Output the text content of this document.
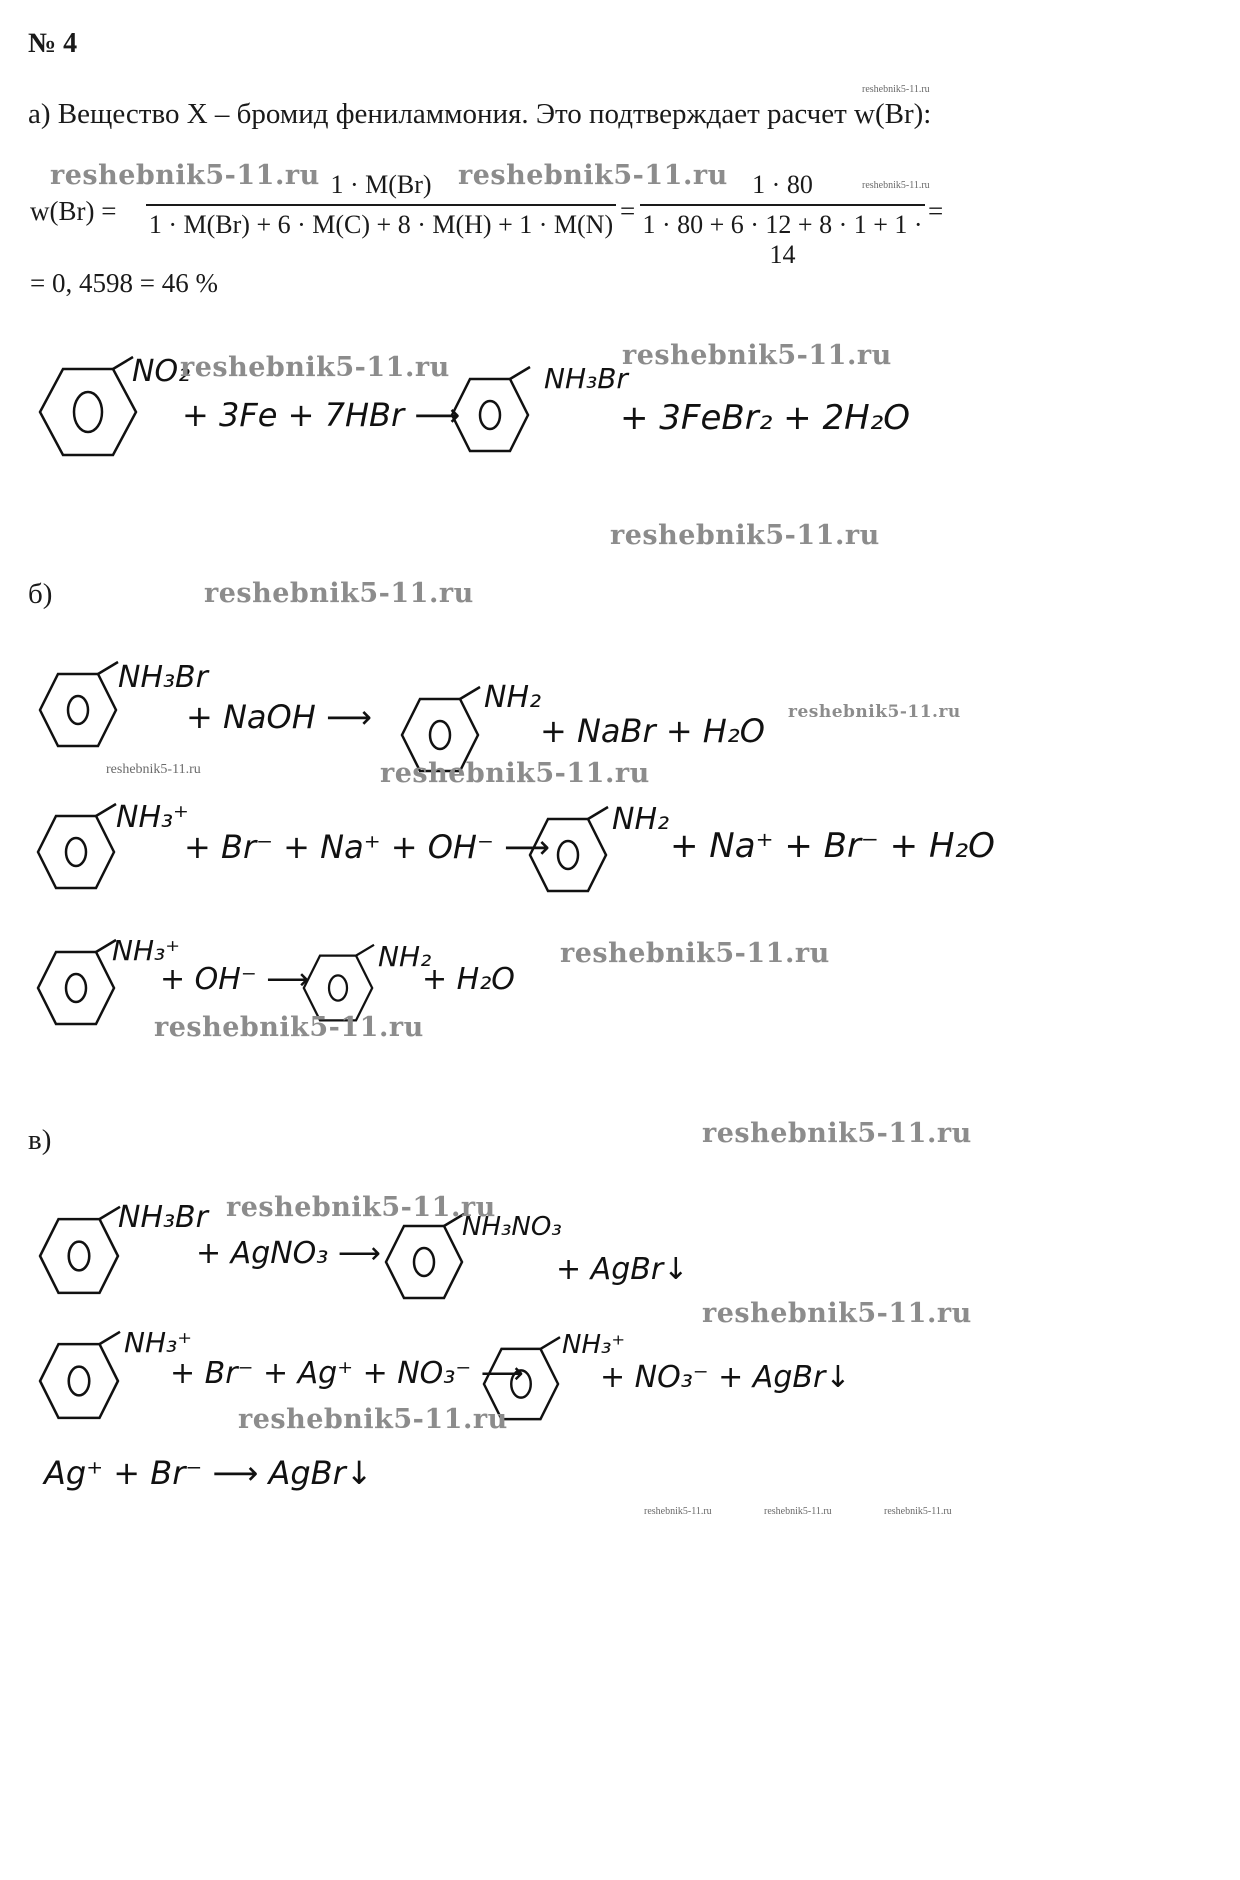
№ 4
а) Вещество X – бромид фениламмония. Это подтверждает расчет w(Br):
w(Br) =
1 · M(Br)
1 · M(Br) + 6 · M(C) + 8 · M(H) + 1 · M(N) =
1 · 80
1 · 80 + 6 · 12 + 8 · 1 + 1 · 14
=
= 0, 4598 = 46 %
NO₂
+ 3Fe + 7HBr ⟶
NH₃Br
+ 3FeBr₂ + 2H₂O
б)
NH₃Br
+ NaOH ⟶
NH₂
+ NaBr + H₂O
NH₃⁺
+ Br⁻ + Na⁺ + OH⁻ ⟶
NH₂
+ Na⁺ + Br⁻ + H₂O
NH₃⁺
+ OH⁻ ⟶
NH₂
+ H₂O
в)
NH₃Br
+ AgNO₃ ⟶
NH₃NO₃
+ AgBr↓
NH₃⁺
+ Br⁻ + Ag⁺ + NO₃⁻ ⟶
NH₃⁺
+ NO₃⁻ + AgBr↓
Ag⁺ + Br⁻ ⟶ AgBr↓
reshebnik5-11.ru
reshebnik5-11.ru	reshebnik5-11.ru	reshebnik5-11.ru
reshebnik5-11.ru	reshebnik5-11.ru
reshebnik5-11.ru
reshebnik5-11.ru
reshebnik5-11.ru
reshebnik5-11.ru	reshebnik5-11.ru
reshebnik5-11.ru
reshebnik5-11.ru
reshebnik5-11.ru
reshebnik5-11.ru
reshebnik5-11.ru
reshebnik5-11.ru
reshebnik5-11.ru	reshebnik5-11.ru	reshebnik5-11.ru
